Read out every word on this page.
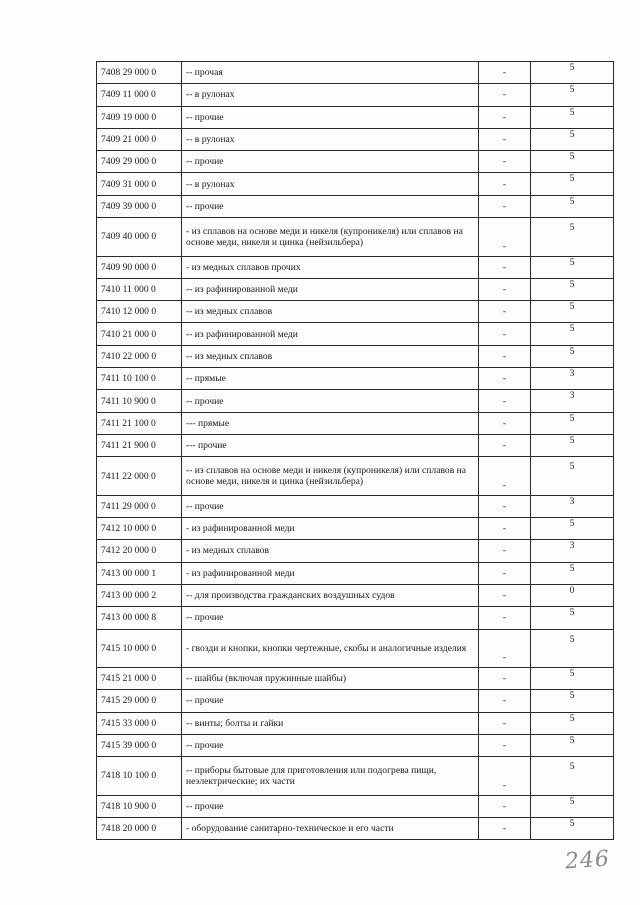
7408 29 000 0	-- прочая	-	5
7409 11 000 0	-- в рулонах	-	5
7409 19 000 0	-- прочие	-	5
7409 21 000 0	-- в рулонах	-	5
7409 29 000 0	-- прочие	-	5
7409 31 000 0	-- в рулонах	-	5
7409 39 000 0	-- прочие	-	5
7409 40 000 0	- из сплавов на основе меди и никеля (купроникеля) или сплавов на основе меди, никеля и цинка (нейзильбера)	-	5
7409 90 000 0	- из медных сплавов прочих	-	5
7410 11 000 0	-- из рафинированной меди	-	5
7410 12 000 0	-- из медных сплавов	-	5
7410 21 000 0	-- из рафинированной меди	-	5
7410 22 000 0	-- из медных сплавов	-	5
7411 10 100 0	-- прямые	-	3
7411 10 900 0	-- прочие	-	3
7411 21 100 0	--- прямые	-	5
7411 21 900 0	--- прочие	-	5
7411 22 000 0	-- из сплавов на основе меди и никеля (купроникеля) или сплавов на основе меди, никеля и цинка (нейзильбера)	-	5
7411 29 000 0	-- прочие	-	3
7412 10 000 0	- из рафинированной меди	-	5
7412 20 000 0	- из медных сплавов	-	3
7413 00 000 1	- из рафинированной меди	-	5
7413 00 000 2	-- для производства гражданских воздушных судов	-	0
7413 00 000 8	-- прочие	-	5
7415 10 000 0	- гвозди и кнопки, кнопки чертежные, скобы и аналогичные изделия	-	5
7415 21 000 0	-- шайбы (включая пружинные шайбы)	-	5
7415 29 000 0	-- прочие	-	5
7415 33 000 0	-- винты; болты и гайки	-	5
7415 39 000 0	-- прочие	-	5
7418 10 100 0	-- приборы бытовые для приготовления или подогрева пищи, неэлектрические; их части	-	5
7418 10 900 0	-- прочие	-	5
7418 20 000 0	- оборудование санитарно-техническое и его части	-	5
246
